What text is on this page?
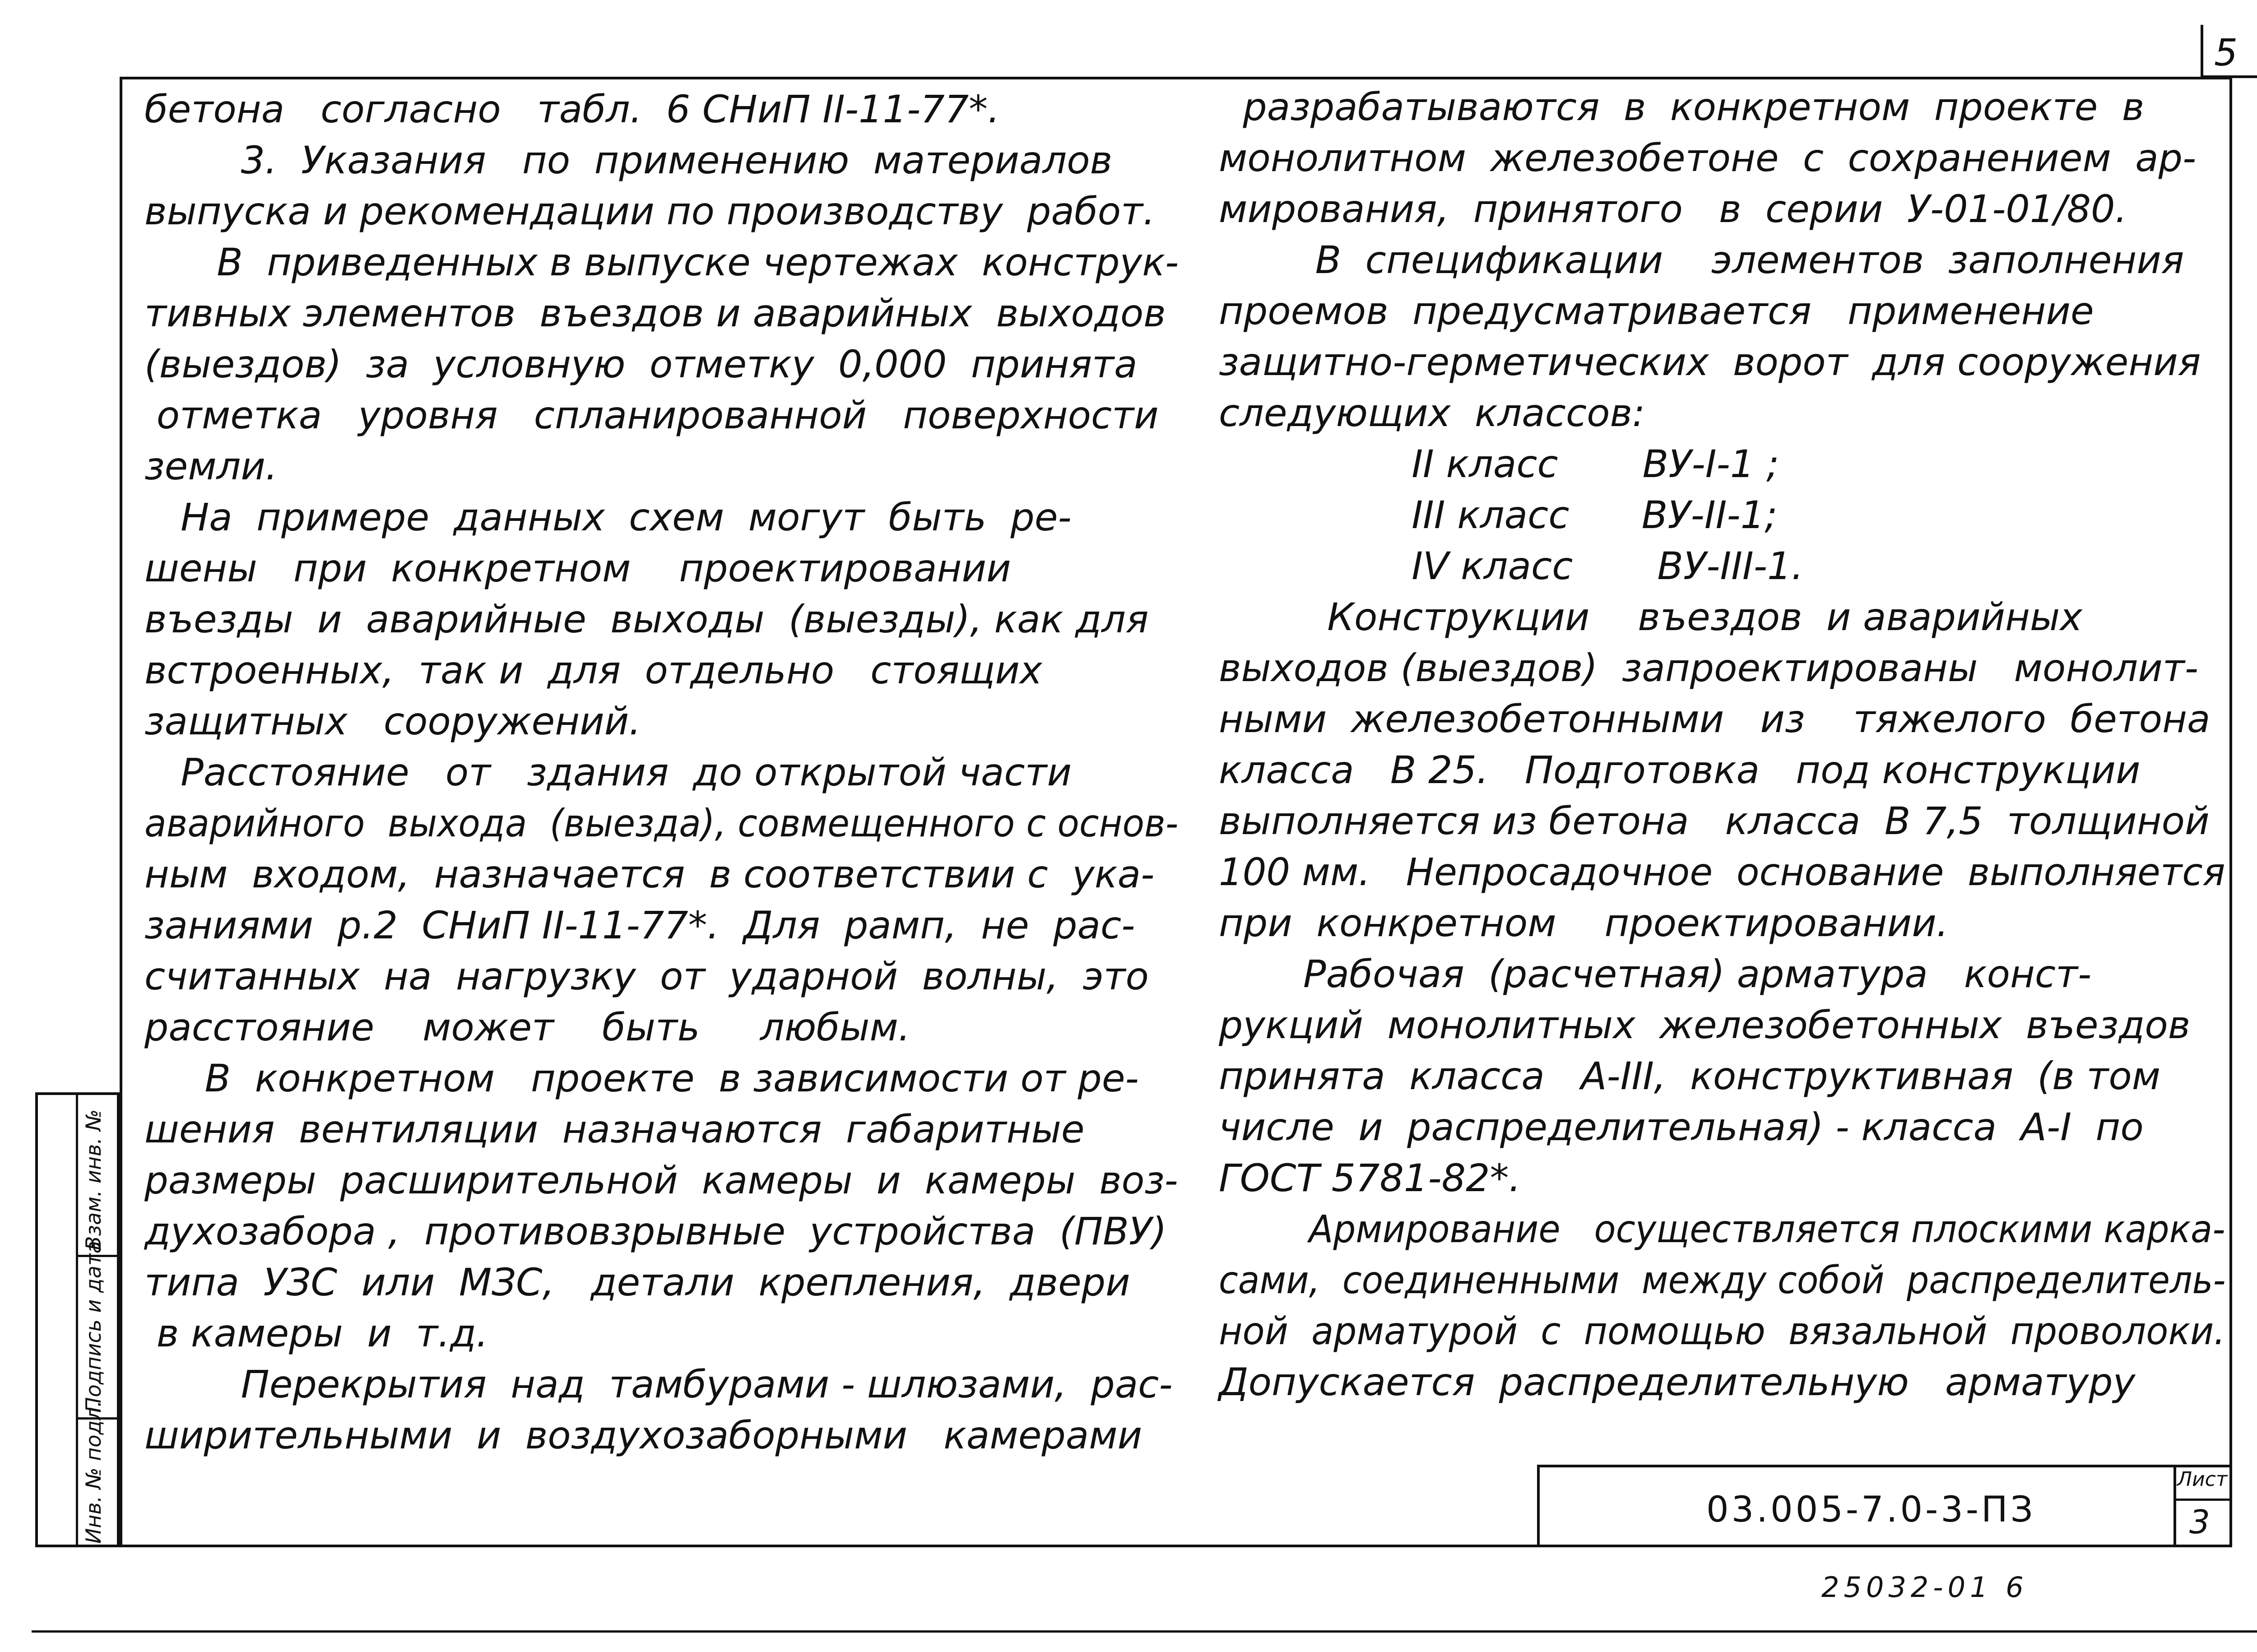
5
бетона   согласно   табл.  6 СНиП II-11-77*.
3.  Указания   по  применению  материалов
выпуска и рекомендации по производству  работ.
В  приведенных в выпуске чертежах  конструк-
тивных элементов  въездов и аварийных  выходов
(выездов)  за  условную  отметку  0,000  принята
отметка   уровня   спланированной   поверхности
земли.
На  примере  данных  схем  могут  быть  ре-
шены   при  конкретном    проектировании
въезды  и  аварийные  выходы  (выезды), как для
встроенных,  так и  для  отдельно   стоящих
защитных   сооружений.
Расстояние   от   здания  до открытой части
аварийного  выхода  (выезда), совмещенного с основ-
ным  входом,  назначается  в соответствии с  ука-
заниями  р.2  СНиП II-11-77*.  Для  рамп,  не  рас-
считанных  на  нагрузку  от  ударной  волны,  это
расстояние    может    быть     любым.
В  конкретном   проекте  в зависимости от ре-
шения  вентиляции  назначаются  габаритные
размеры  расширительной  камеры  и  камеры  воз-
духозабора ,  противовзрывные  устройства  (ПВУ)
типа  УЗС  или  МЗС,   детали  крепления,  двери
в камеры  и  т.д.
Перекрытия  над  тамбурами - шлюзами,  рас-
ширительными  и  воздухозаборными   камерами
разрабатываются  в  конкретном  проекте  в
монолитном  железобетоне  с  сохранением  ар-
мирования,  принятого   в  серии  У-01-01/80.
В  спецификации    элементов  заполнения
проемов  предусматривается   применение
защитно-герметических  ворот  для сооружения
следующих  классов:
II класс       ВУ-I-1 ;
III класс      ВУ-II-1;
IV класс       ВУ-III-1.
Конструкции    въездов  и аварийных
выходов (выездов)  запроектированы   монолит-
ными  железобетонными   из    тяжелого  бетона
класса   В 25.   Подготовка   под конструкции
выполняется из бетона   класса  В 7,5  толщиной
100 мм.   Непросадочное  основание  выполняется
при  конкретном    проектировании.
Рабочая  (расчетная) арматура   конст-
рукций  монолитных  железобетонных  въездов
принята  класса   А-III,  конструктивная  (в том
числе  и  распределительная) - класса  А-I  по
ГОСТ 5781-82*.
Армирование   осуществляется плоскими карка-
сами,  соединенными  между собой  распределитель-
ной  арматурой  с  помощью  вязальной  проволоки.
Допускается  распределительную   арматуру
Инв. № подл.
Подпись и дата
Взам. инв. №
03.005-7.0-3-ПЗ
Лист
3
25032-01 6
